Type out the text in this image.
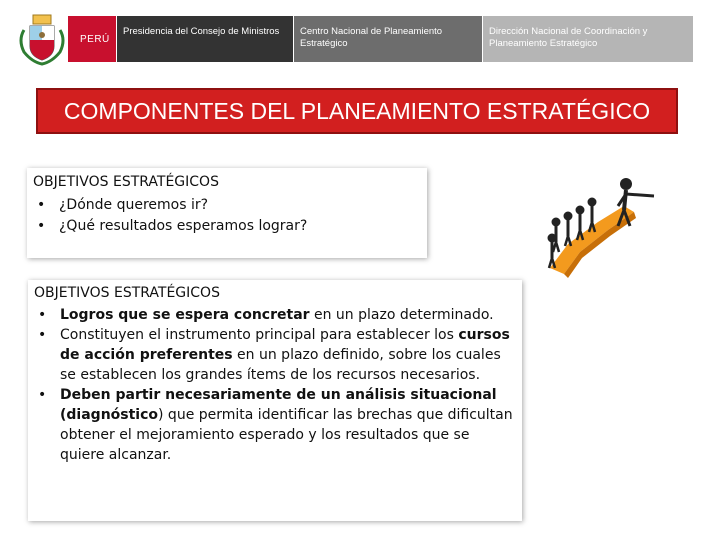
PERÚ
Presidencia del Consejo de Ministros	Centro Nacional de Planeamiento Estratégico
Dirección Nacional de Coordinación y Planeamiento Estratégico
COMPONENTES DEL PLANEAMIENTO ESTRATÉGICO
OBJETIVOS ESTRATÉGICOS
• ¿Dónde queremos ir?
• ¿Qué resultados esperamos lograr?
OBJETIVOS ESTRATÉGICOS
• Logros que se espera concretar en un plazo determinado.
• Constituyen el instrumento principal para establecer los cursos de acción preferentes en un plazo definido, sobre los cuales se establecen los grandes ítems de los recursos necesarios.
• Deben partir necesariamente de un análisis situacional (diagnóstico) que permita identificar las brechas que dificultan obtener el mejoramiento esperado y los resultados que se quiere alcanzar.
